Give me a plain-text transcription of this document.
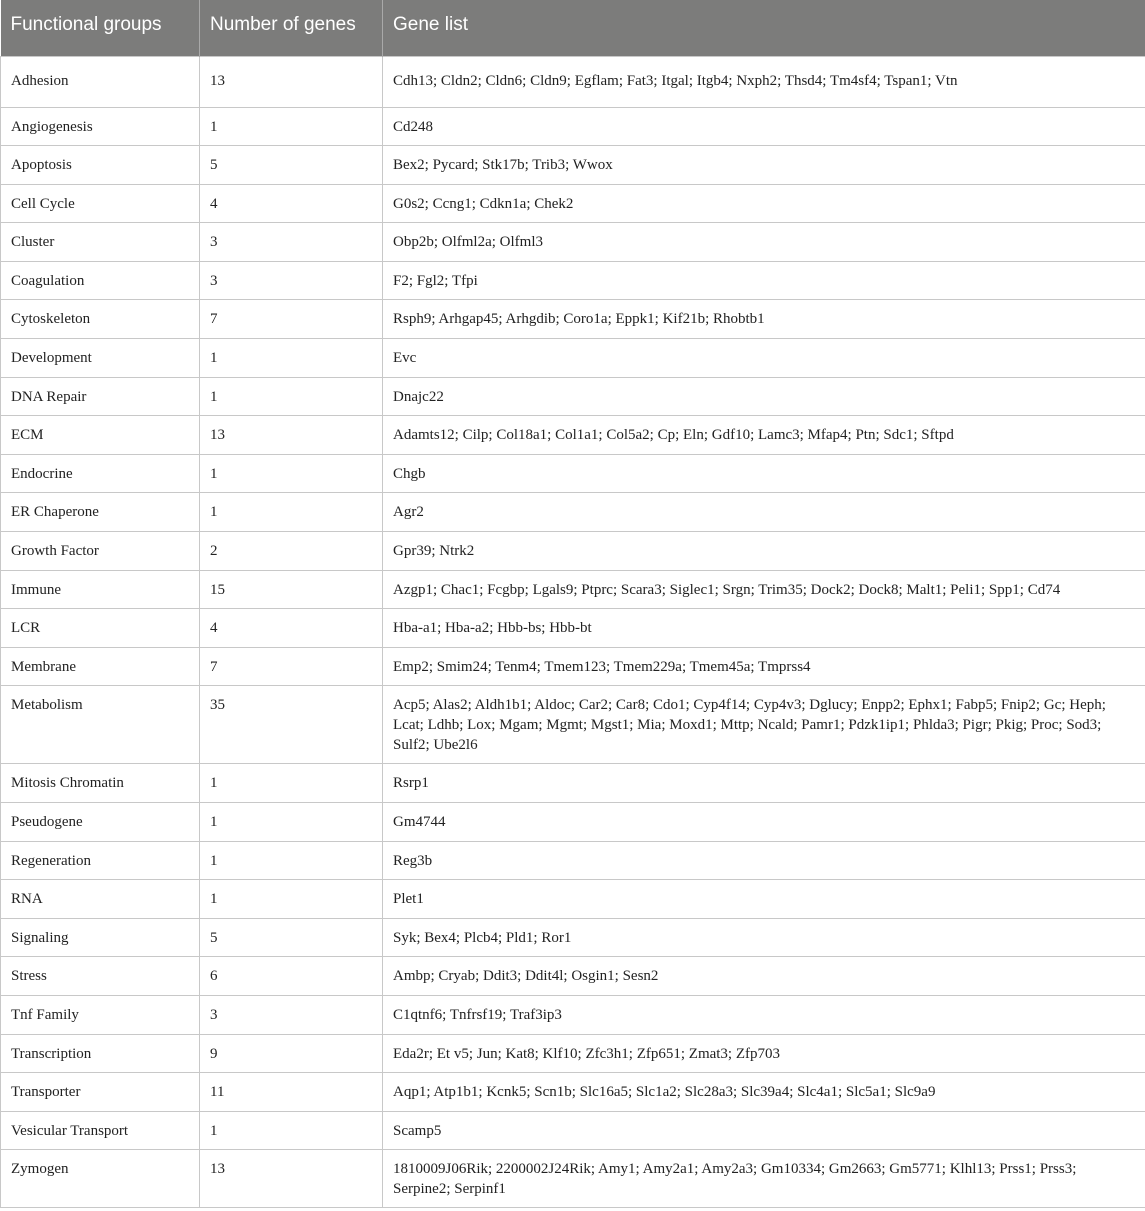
Functional groups	Number of genes	Gene list
Adhesion	13	Cdh13; Cldn2; Cldn6; Cldn9; Egflam; Fat3; Itgal; Itgb4; Nxph2; Thsd4; Tm4sf4; Tspan1; Vtn
Angiogenesis	1	Cd248
Apoptosis	5	Bex2; Pycard; Stk17b; Trib3; Wwox
Cell Cycle	4	G0s2; Ccng1; Cdkn1a; Chek2
Cluster	3	Obp2b; Olfml2a; Olfml3
Coagulation	3	F2; Fgl2; Tfpi
Cytoskeleton	7	Rsph9; Arhgap45; Arhgdib; Coro1a; Eppk1; Kif21b; Rhobtb1
Development	1	Evc
DNA Repair	1	Dnajc22
ECM	13	Adamts12; Cilp; Col18a1; Col1a1; Col5a2; Cp; Eln; Gdf10; Lamc3; Mfap4; Ptn; Sdc1; Sftpd
Endocrine	1	Chgb
ER Chaperone	1	Agr2
Growth Factor	2	Gpr39; Ntrk2
Immune	15	Azgp1; Chac1; Fcgbp; Lgals9; Ptprc; Scara3; Siglec1; Srgn; Trim35; Dock2; Dock8; Malt1; Peli1; Spp1; Cd74
LCR	4	Hba-a1; Hba-a2; Hbb-bs; Hbb-bt
Membrane	7	Emp2; Smim24; Tenm4; Tmem123; Tmem229a; Tmem45a; Tmprss4
Metabolism	35	Acp5; Alas2; Aldh1b1; Aldoc; Car2; Car8; Cdo1; Cyp4f14; Cyp4v3; Dglucy; Enpp2; Ephx1; Fabp5; Fnip2; Gc; Heph; Lcat; Ldhb; Lox; Mgam; Mgmt; Mgst1; Mia; Moxd1; Mttp; Ncald; Pamr1; Pdzk1ip1; Phlda3; Pigr; Pkig; Proc; Sod3; Sulf2; Ube2l6
Mitosis Chromatin	1	Rsrp1
Pseudogene	1	Gm4744
Regeneration	1	Reg3b
RNA	1	Plet1
Signaling	5	Syk; Bex4; Plcb4; Pld1; Ror1
Stress	6	Ambp; Cryab; Ddit3; Ddit4l; Osgin1; Sesn2
Tnf Family	3	C1qtnf6; Tnfrsf19; Traf3ip3
Transcription	9	Eda2r; Et v5; Jun; Kat8; Klf10; Zfc3h1; Zfp651; Zmat3; Zfp703
Transporter	11	Aqp1; Atp1b1; Kcnk5; Scn1b; Slc16a5; Slc1a2; Slc28a3; Slc39a4; Slc4a1; Slc5a1; Slc9a9
Vesicular Transport	1	Scamp5
Zymogen	13	1810009J06Rik; 2200002J24Rik; Amy1; Amy2a1; Amy2a3; Gm10334; Gm2663; Gm5771; Klhl13; Prss1; Prss3; Serpine2; Serpinf1
